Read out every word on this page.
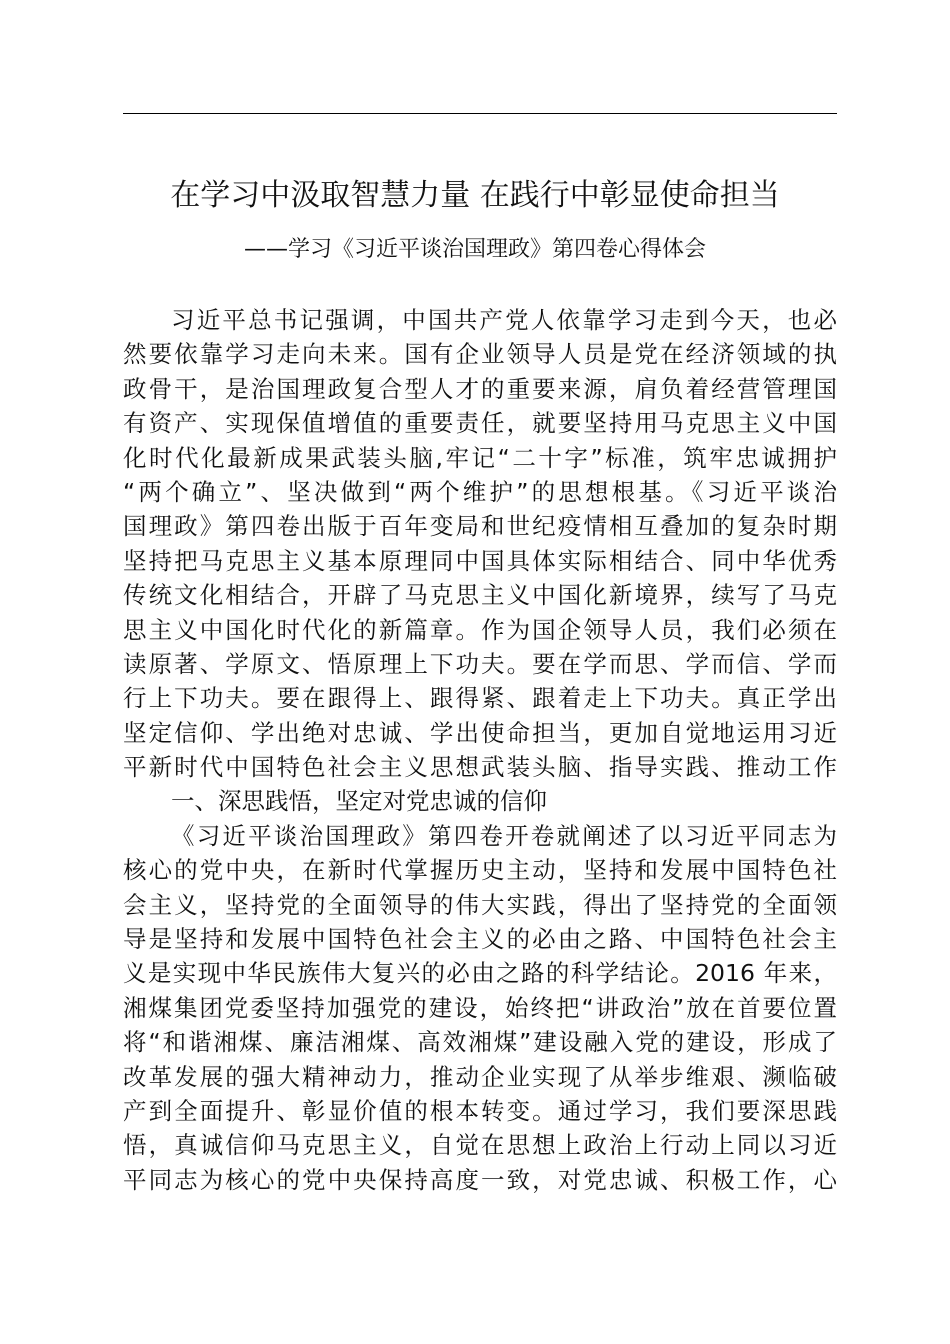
在学习中汲取智慧力量 在践行中彰显使命担当
——学习《习近平谈治国理政》第四卷心得体会
习近平总书记强调，中国共产党人依靠学习走到今天，也必
然要依靠学习走向未来。国有企业领导人员是党在经济领域的执
政骨干，是治国理政复合型人才的重要来源，肩负着经营管理国
有资产、实现保值增值的重要责任，就要坚持用马克思主义中国
化时代化最新成果武装头脑,牢记“二十字”标准，筑牢忠诚拥护
“两个确立”、坚决做到“两个维护”的思想根基。《习近平谈治
国理政》第四卷出版于百年变局和世纪疫情相互叠加的复杂时期
坚持把马克思主义基本原理同中国具体实际相结合、同中华优秀
传统文化相结合，开辟了马克思主义中国化新境界，续写了马克
思主义中国化时代化的新篇章。作为国企领导人员，我们必须在
读原著、学原文、悟原理上下功夫。要在学而思、学而信、学而
行上下功夫。要在跟得上、跟得紧、跟着走上下功夫。真正学出
坚定信仰、学出绝对忠诚、学出使命担当，更加自觉地运用习近
平新时代中国特色社会主义思想武装头脑、指导实践、推动工作
一、深思践悟，坚定对党忠诚的信仰
《习近平谈治国理政》第四卷开卷就阐述了以习近平同志为
核心的党中央，在新时代掌握历史主动，坚持和发展中国特色社
会主义，坚持党的全面领导的伟大实践，得出了坚持党的全面领
导是坚持和发展中国特色社会主义的必由之路、中国特色社会主
义是实现中华民族伟大复兴的必由之路的科学结论。2016 年来，
湘煤集团党委坚持加强党的建设，始终把“讲政治”放在首要位置
将“和谐湘煤、廉洁湘煤、高效湘煤”建设融入党的建设，形成了
改革发展的强大精神动力，推动企业实现了从举步维艰、濒临破
产到全面提升、彰显价值的根本转变。通过学习，我们要深思践
悟，真诚信仰马克思主义，自觉在思想上政治上行动上同以习近
平同志为核心的党中央保持高度一致，对党忠诚、积极工作，心
